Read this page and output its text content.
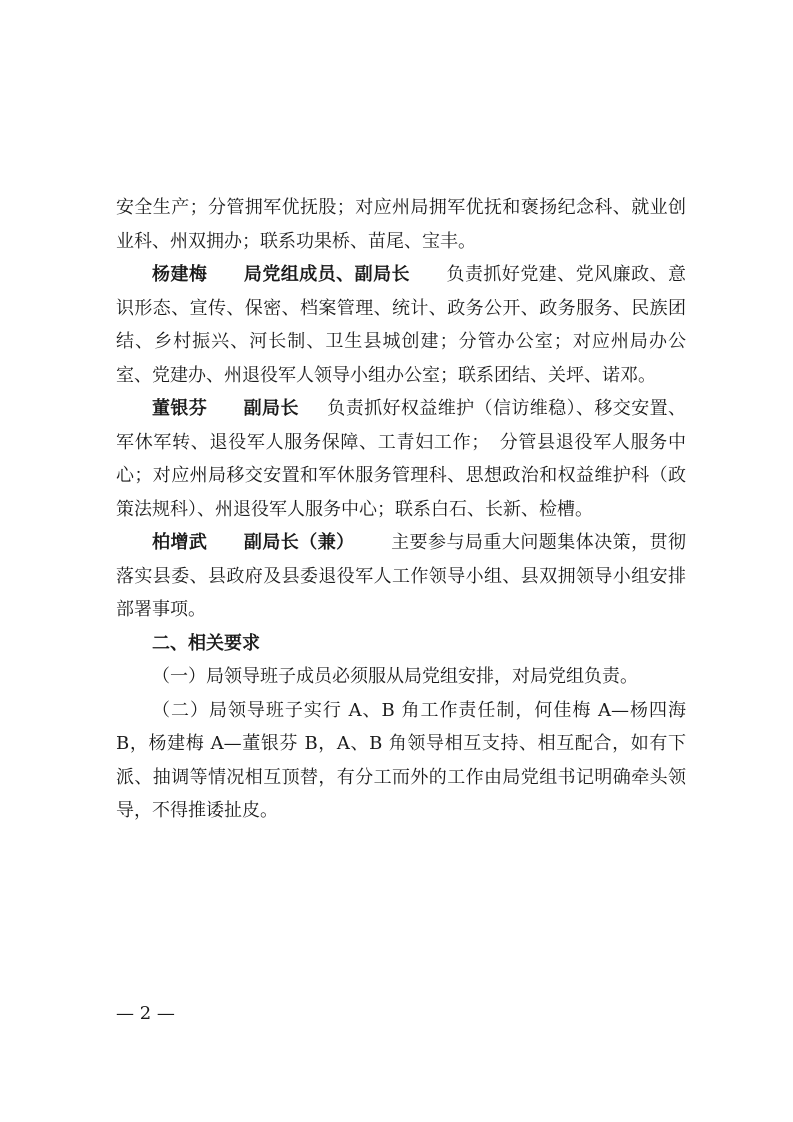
安全生产；分管拥军优抚股；对应州局拥军优抚和褒扬纪念科、就业创业科、州双拥办；联系功果桥、苗尾、宝丰。

杨建梅 局党组成员、副局长 负责抓好党建、党风廉政、意识形态、宣传、保密、档案管理、统计、政务公开、政务服务、民族团结、乡村振兴、河长制、卫生县城创建；分管办公室；对应州局办公室、党建办、州退役军人领导小组办公室；联系团结、关坪、诺邓。

董银芬 副局长 负责抓好权益维护（信访维稳）、移交安置、军休军转、退役军人服务保障、工青妇工作；　分管县退役军人服务中心；对应州局移交安置和军休服务管理科、思想政治和权益维护科（政策法规科）、州退役军人服务中心；联系白石、长新、检槽。

柏增武 副局长（兼） 主要参与局重大问题集体决策，贯彻落实县委、县政府及县委退役军人工作领导小组、县双拥领导小组安排部署事项。

二、相关要求

（一）局领导班子成员必须服从局党组安排，对局党组负责。

（二）局领导班子实行 A、B 角工作责任制，何佳梅 A—杨四海 B，杨建梅 A—董银芬 B，A、B 角领导相互支持、相互配合，如有下派、抽调等情况相互顶替，有分工而外的工作由局党组书记明确牵头领导，不得推诿扯皮。

— 2 —
